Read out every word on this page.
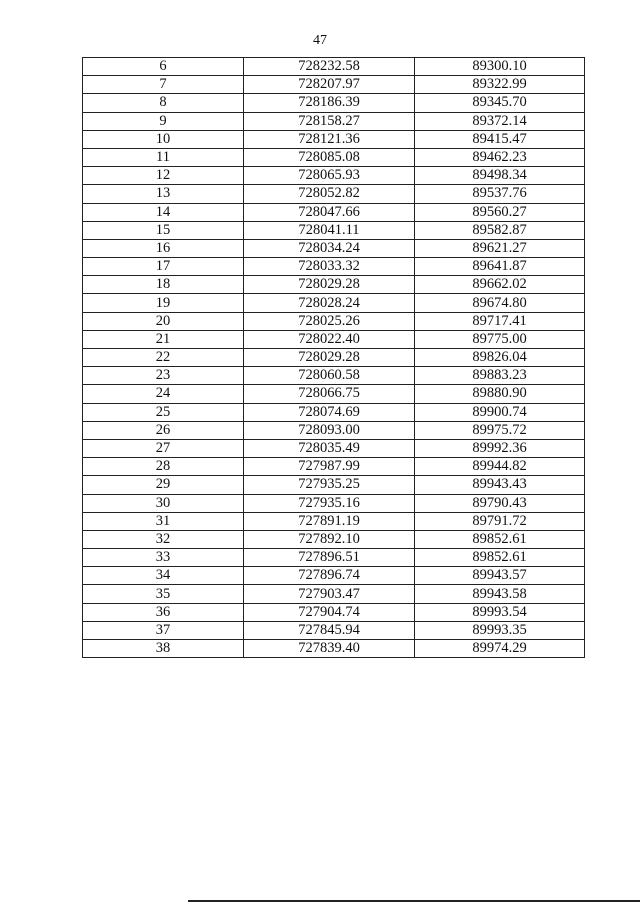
47
6	728232.58	89300.10
7	728207.97	89322.99
8	728186.39	89345.70
9	728158.27	89372.14
10	728121.36	89415.47
11	728085.08	89462.23
12	728065.93	89498.34
13	728052.82	89537.76
14	728047.66	89560.27
15	728041.11	89582.87
16	728034.24	89621.27
17	728033.32	89641.87
18	728029.28	89662.02
19	728028.24	89674.80
20	728025.26	89717.41
21	728022.40	89775.00
22	728029.28	89826.04
23	728060.58	89883.23
24	728066.75	89880.90
25	728074.69	89900.74
26	728093.00	89975.72
27	728035.49	89992.36
28	727987.99	89944.82
29	727935.25	89943.43
30	727935.16	89790.43
31	727891.19	89791.72
32	727892.10	89852.61
33	727896.51	89852.61
34	727896.74	89943.57
35	727903.47	89943.58
36	727904.74	89993.54
37	727845.94	89993.35
38	727839.40	89974.29
